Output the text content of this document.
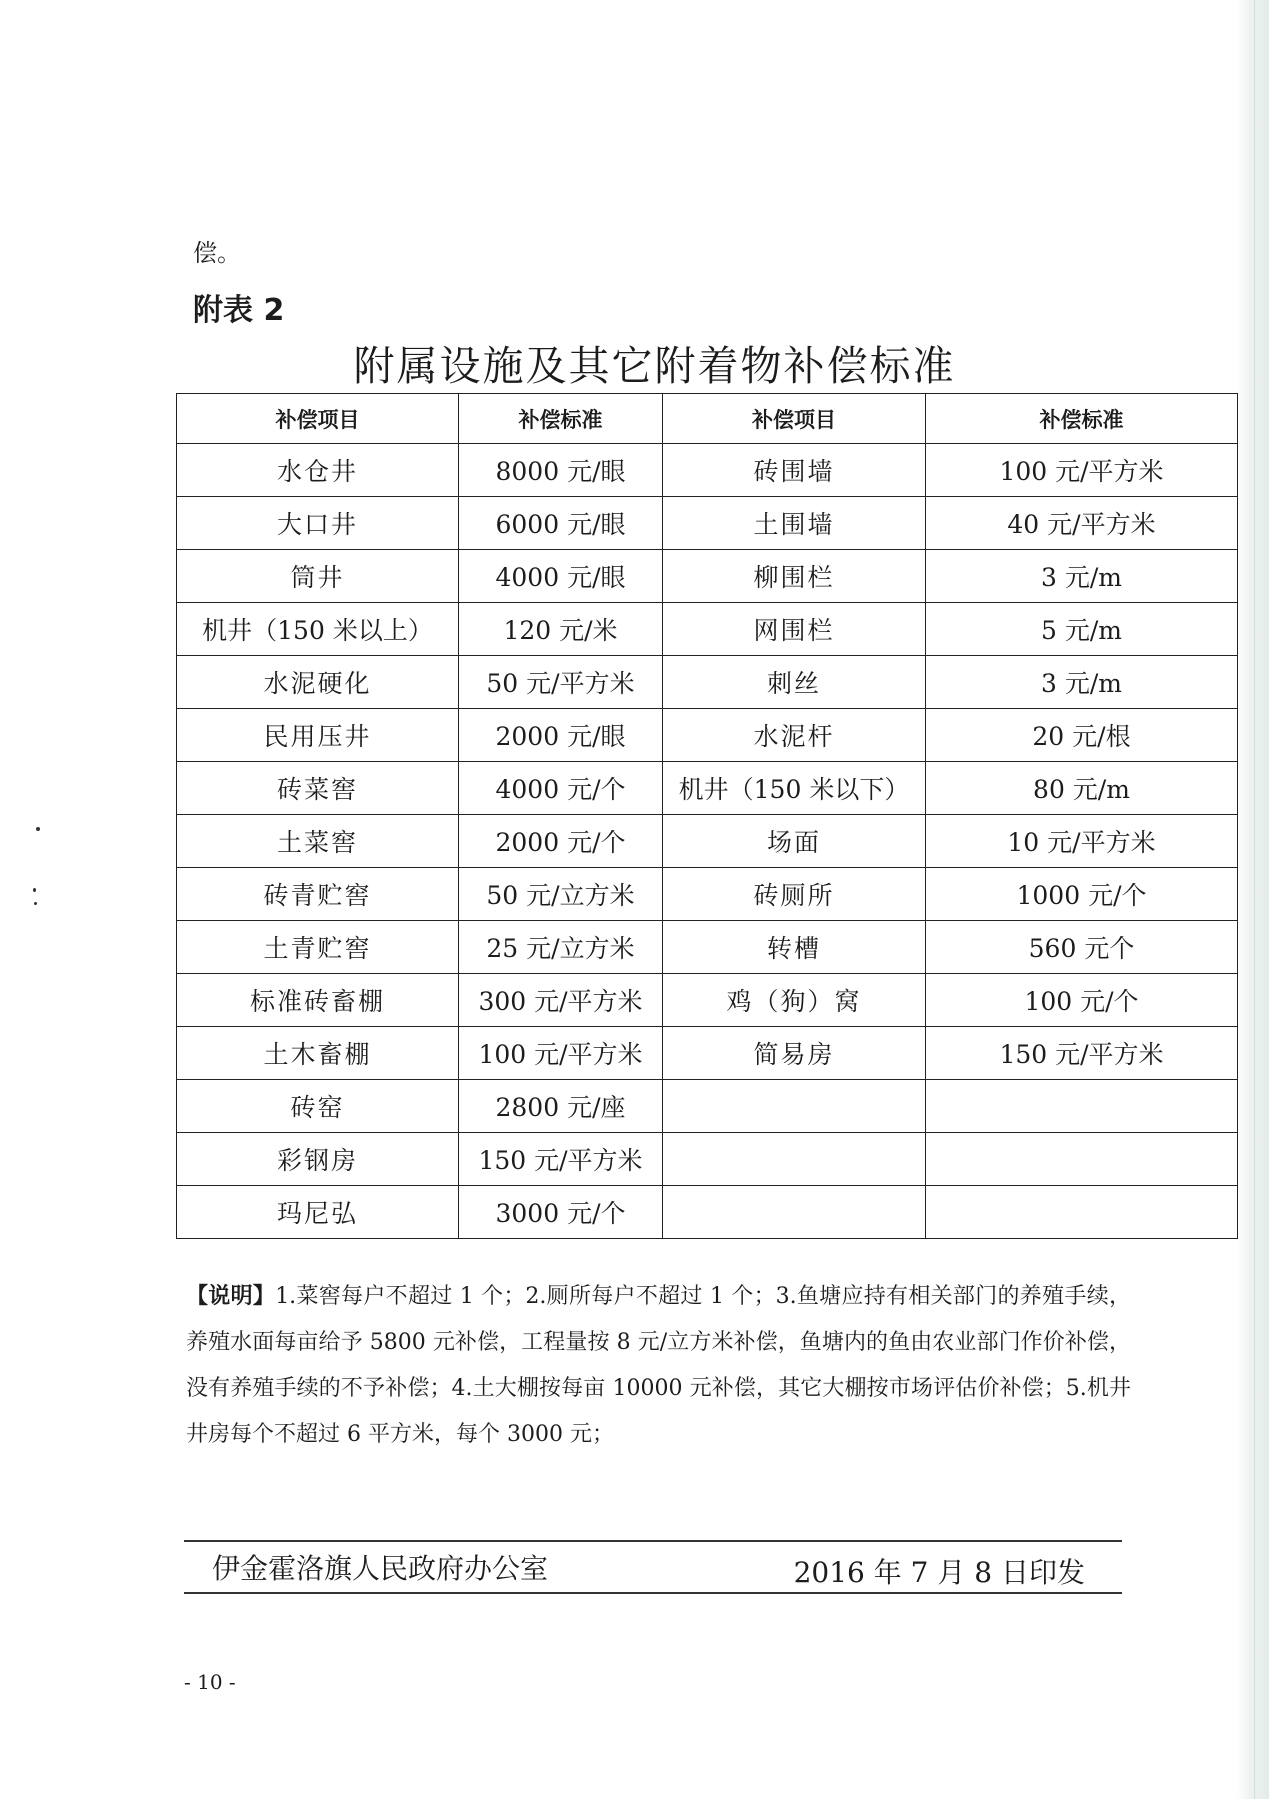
偿。
附表 2
附属设施及其它附着物补偿标准
补偿项目	补偿标准	补偿项目	补偿标准
水仓井	8000 元/眼	砖围墙	100 元/平方米
大口井	6000 元/眼	土围墙	40 元/平方米
筒井	4000 元/眼	柳围栏	3 元/m
机井（150 米以上）	120 元/米	网围栏	5 元/m
水泥硬化	50 元/平方米	刺丝	3 元/m
民用压井	2000 元/眼	水泥杆	20 元/根
砖菜窖	4000 元/个	机井（150 米以下）	80 元/m
土菜窖	2000 元/个	场面	10 元/平方米
砖青贮窖	50 元/立方米	砖厕所	1000 元/个
土青贮窖	25 元/立方米	转槽	560 元个
标准砖畜棚	300 元/平方米	鸡（狗）窝	100 元/个
土木畜棚	100 元/平方米	简易房	150 元/平方米
砖窑	2800 元/座		
彩钢房	150 元/平方米		
玛尼弘	3000 元/个		
【说明】1.菜窖每户不超过 1 个；2.厕所每户不超过 1 个；3.鱼塘应持有相关部门的养殖手续，养殖水面每亩给予 5800 元补偿，工程量按 8 元/立方米补偿，鱼塘内的鱼由农业部门作价补偿，没有养殖手续的不予补偿；4.土大棚按每亩 10000 元补偿，其它大棚按市场评估价补偿；5.机井井房每个不超过 6 平方米，每个 3000 元；
伊金霍洛旗人民政府办公室	2016 年 7 月 8 日印发
- 10 -
